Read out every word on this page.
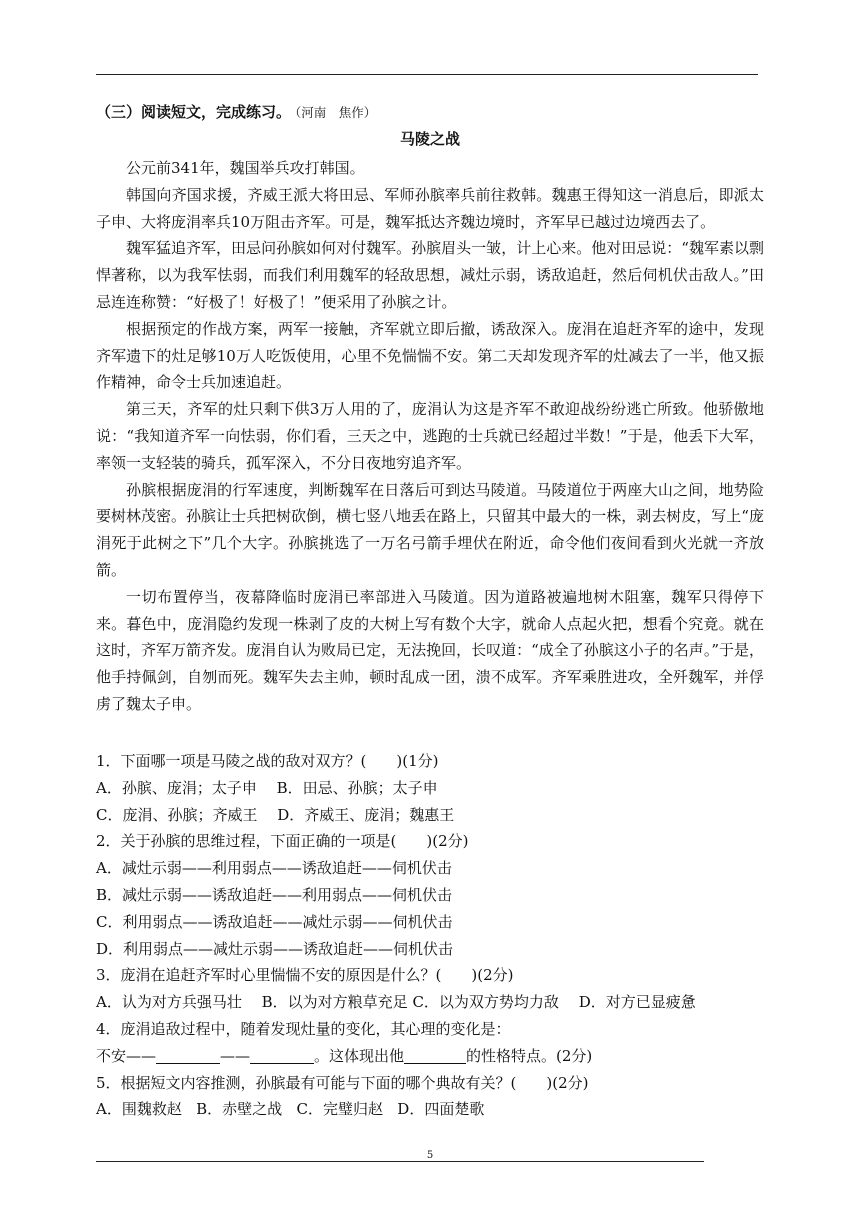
（三）阅读短文，完成练习。 （河南　焦作）
马陵之战

公元前341年，魏国举兵攻打韩国。

韩国向齐国求援，齐威王派大将田忌、军师孙膑率兵前往救韩。魏惠王得知这一消息后，即派太子申、大将庞涓率兵10万阻击齐军。可是，魏军抵达齐魏边境时，齐军早已越过边境西去了。

魏军猛追齐军，田忌问孙膑如何对付魏军。孙膑眉头一皱，计上心来。他对田忌说：“魏军素以剽悍著称，以为我军怯弱，而我们利用魏军的轻敌思想，减灶示弱，诱敌追赶，然后伺机伏击敌人。”田忌连连称赞：“好极了！好极了！”便采用了孙膑之计。

根据预定的作战方案，两军一接触，齐军就立即后撤，诱敌深入。庞涓在追赶齐军的途中，发现齐军遗下的灶足够10万人吃饭使用，心里不免惴惴不安。第二天却发现齐军的灶减去了一半，他又振作精神，命令士兵加速追赶。

第三天，齐军的灶只剩下供3万人用的了，庞涓认为这是齐军不敢迎战纷纷逃亡所致。他骄傲地说：“我知道齐军一向怯弱，你们看，三天之中，逃跑的士兵就已经超过半数！”于是，他丢下大军，率领一支轻装的骑兵，孤军深入，不分日夜地穷追齐军。

孙膑根据庞涓的行军速度，判断魏军在日落后可到达马陵道。马陵道位于两座大山之间，地势险要树林茂密。孙膑让士兵把树砍倒，横七竖八地丢在路上，只留其中最大的一株，剥去树皮，写上“庞涓死于此树之下”几个大字。孙膑挑选了一万名弓箭手埋伏在附近，命令他们夜间看到火光就一齐放箭。

一切布置停当，夜幕降临时庞涓已率部进入马陵道。因为道路被遍地树木阻塞，魏军只得停下来。暮色中，庞涓隐约发现一株剥了皮的大树上写有数个大字，就命人点起火把，想看个究竟。就在这时，齐军万箭齐发。庞涓自认为败局已定，无法挽回，长叹道：“成全了孙膑这小子的名声。”于是，他手持佩剑，自刎而死。魏军失去主帅，顿时乱成一团，溃不成军。齐军乘胜进攻，全歼魏军，并俘虏了魏太子申。

1．下面哪一项是马陵之战的敌对双方？(　　)(1分)

A．孙膑、庞涓；太子申　 B．田忌、孙膑；太子申

C．庞涓、孙膑；齐威王　 D．齐威王、庞涓；魏惠王

2．关于孙膑的思维过程，下面正确的一项是(　　)(2分)

A．减灶示弱——利用弱点——诱敌追赶——伺机伏击

B．减灶示弱——诱敌追赶——利用弱点——伺机伏击

C．利用弱点——诱敌追赶——减灶示弱——伺机伏击

D．利用弱点——减灶示弱——诱敌追赶——伺机伏击

3．庞涓在追赶齐军时心里惴惴不安的原因是什么？(　　)(2分)

A．认为对方兵强马壮　 B．以为对方粮草充足 C．以为双方势均力敌　 D．对方已显疲惫

4．庞涓追敌过程中，随着发现灶量的变化，其心理的变化是：

不安——	——	。这体现出他	的性格特点。(2分)

5．根据短文内容推测，孙膑最有可能与下面的哪个典故有关？(　　)(2分)

A．围魏救赵 B．赤壁之战 C．完璧归赵 D．四面楚歌

5
